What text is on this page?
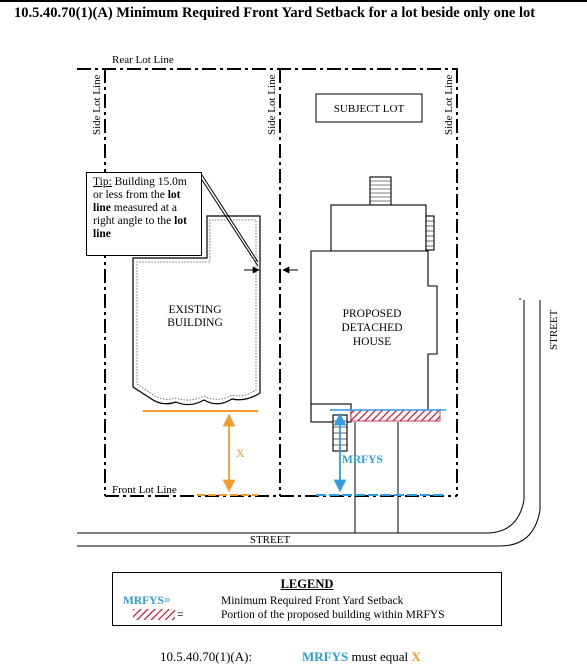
10.5.40.70(1)(A) Minimum Required Front Yard Setback for a lot beside only one lot
Rear Lot Line
Side Lot Line	Side Lot Line	Side Lot Line
SUBJECT LOT
EXISTING
BUILDING
PROPOSED
DETACHED
HOUSE
X	MRFYS
Front Lot Line
STREET
STREET
Tip: Building 15.0m or less from the lot line measured at a right angle to the lot line
LEGEND
MRFYS=	Minimum Required Front Yard Setback
=	Portion of the proposed building within MRFYS
10.5.40.70(1)(A):	MRFYS must equal X
